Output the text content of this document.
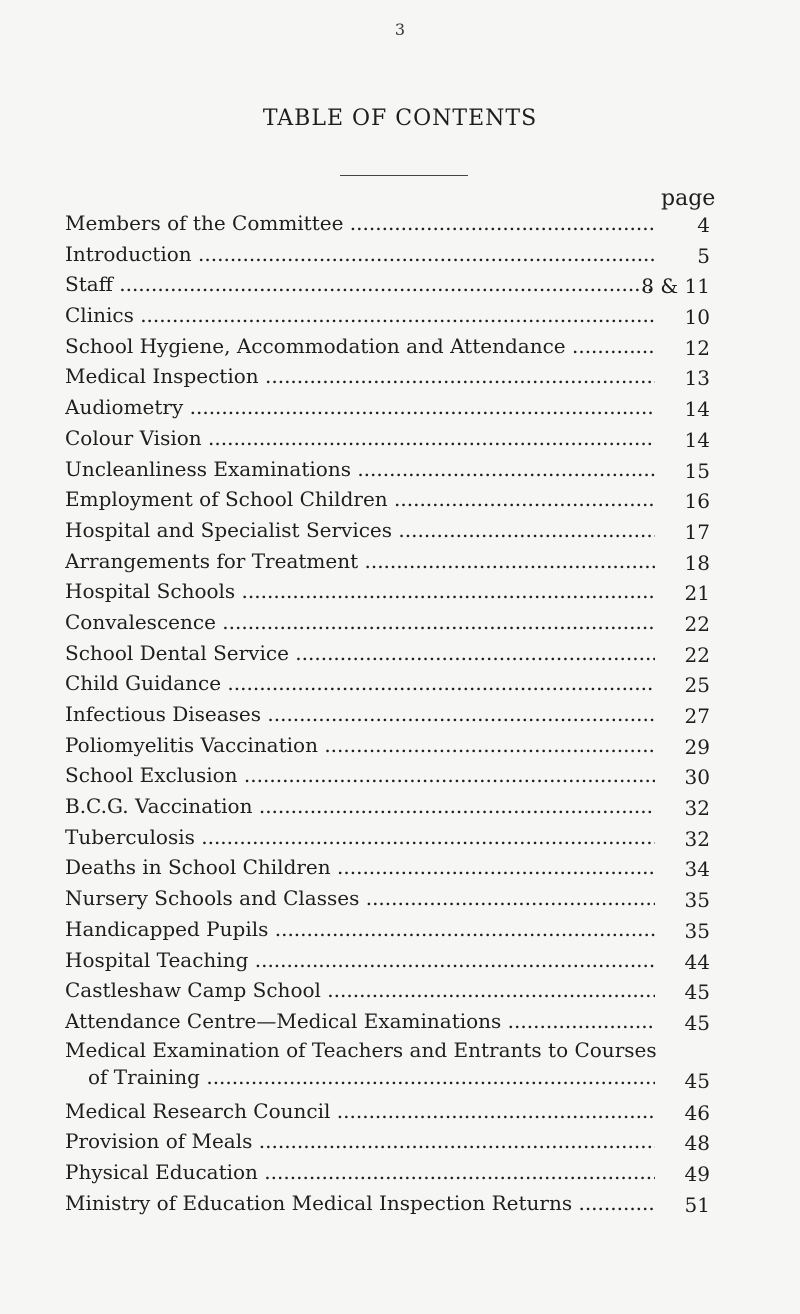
3
TABLE OF CONTENTS
page
Members of the Committee .....	4
Introduction .....	5
Staff .....	8 & 11
Clinics .....	10
School Hygiene, Accommodation and Attendance .....	12
Medical Inspection .....	13
Audiometry .....	14
Colour Vision .....	14
Uncleanliness Examinations .....	15
Employment of School Children .....	16
Hospital and Specialist Services .....	17
Arrangements for Treatment .....	18
Hospital Schools .....	21
Convalescence .....	22
School Dental Service .....	22
Child Guidance .....	25
Infectious Diseases .....	27
Poliomyelitis Vaccination .....	29
School Exclusion .....	30
B.C.G. Vaccination .....	32
Tuberculosis .....	32
Deaths in School Children .....	34
Nursery Schools and Classes .....	35
Handicapped Pupils .....	35
Hospital Teaching .....	44
Castleshaw Camp School .....	45
Attendance Centre—Medical Examinations .....	45
Medical Examination of Teachers and Entrants to Courses
of Training .....	45
Medical Research Council .....	46
Provision of Meals .....	48
Physical Education .....	49
Ministry of Education Medical Inspection Returns .....	51
